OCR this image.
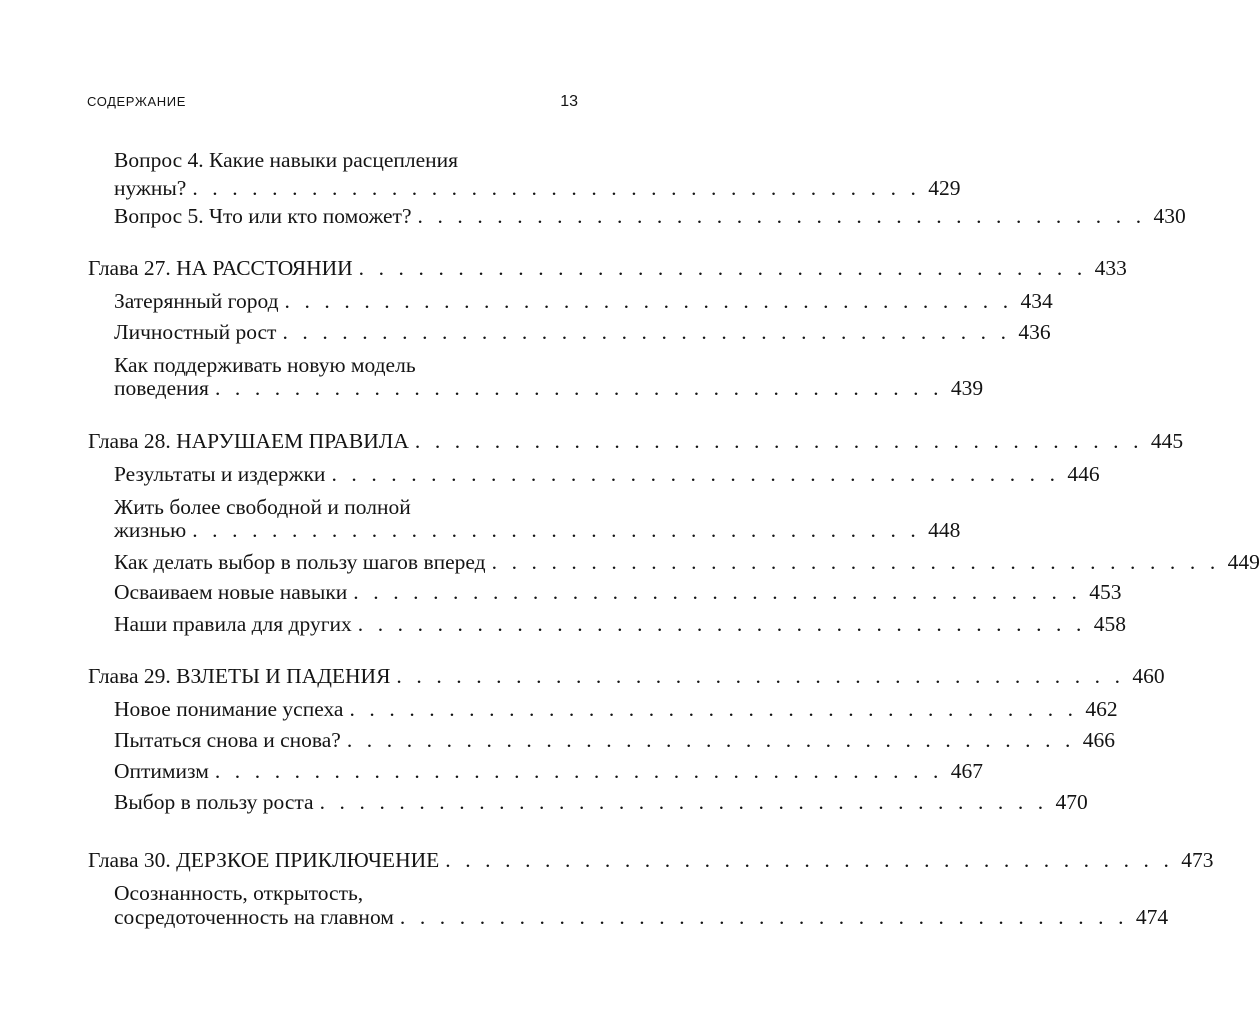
СОДЕРЖАНИЕ	13
Вопрос 4. Какие навыки расцепления
нужны? . . . . . . . . . . . . . . . . . . . . . . . . . . . . . . . . . . . . . 429
Вопрос 5. Что или кто поможет? . . . . . . . . . . . . . . . . . . . . . . . . . . . . . . . . . . . . . 430
Глава 27. НА РАССТОЯНИИ . . . . . . . . . . . . . . . . . . . . . . . . . . . . . . . . . . . . . 433
Затерянный город . . . . . . . . . . . . . . . . . . . . . . . . . . . . . . . . . . . . . 434
Личностный рост . . . . . . . . . . . . . . . . . . . . . . . . . . . . . . . . . . . . . 436
Как поддерживать новую модель
поведения . . . . . . . . . . . . . . . . . . . . . . . . . . . . . . . . . . . . . 439
Глава 28. НАРУШАЕМ ПРАВИЛА . . . . . . . . . . . . . . . . . . . . . . . . . . . . . . . . . . . . . 445
Результаты и издержки . . . . . . . . . . . . . . . . . . . . . . . . . . . . . . . . . . . . . 446
Жить более свободной и полной
жизнью . . . . . . . . . . . . . . . . . . . . . . . . . . . . . . . . . . . . . 448
Как делать выбор в пользу шагов вперед . . . . . . . . . . . . . . . . . . . . . . . . . . . . . . . . . . . . . 449
Осваиваем новые навыки . . . . . . . . . . . . . . . . . . . . . . . . . . . . . . . . . . . . . 453
Наши правила для других . . . . . . . . . . . . . . . . . . . . . . . . . . . . . . . . . . . . . 458
Глава 29. ВЗЛЕТЫ И ПАДЕНИЯ . . . . . . . . . . . . . . . . . . . . . . . . . . . . . . . . . . . . . 460
Новое понимание успеха . . . . . . . . . . . . . . . . . . . . . . . . . . . . . . . . . . . . . 462
Пытаться снова и снова? . . . . . . . . . . . . . . . . . . . . . . . . . . . . . . . . . . . . . 466
Оптимизм . . . . . . . . . . . . . . . . . . . . . . . . . . . . . . . . . . . . . 467
Выбор в пользу роста . . . . . . . . . . . . . . . . . . . . . . . . . . . . . . . . . . . . . 470
Глава 30. ДЕРЗКОЕ ПРИКЛЮЧЕНИЕ . . . . . . . . . . . . . . . . . . . . . . . . . . . . . . . . . . . . . 473
Осознанность, открытость,
сосредоточенность на главном . . . . . . . . . . . . . . . . . . . . . . . . . . . . . . . . . . . . . 474
